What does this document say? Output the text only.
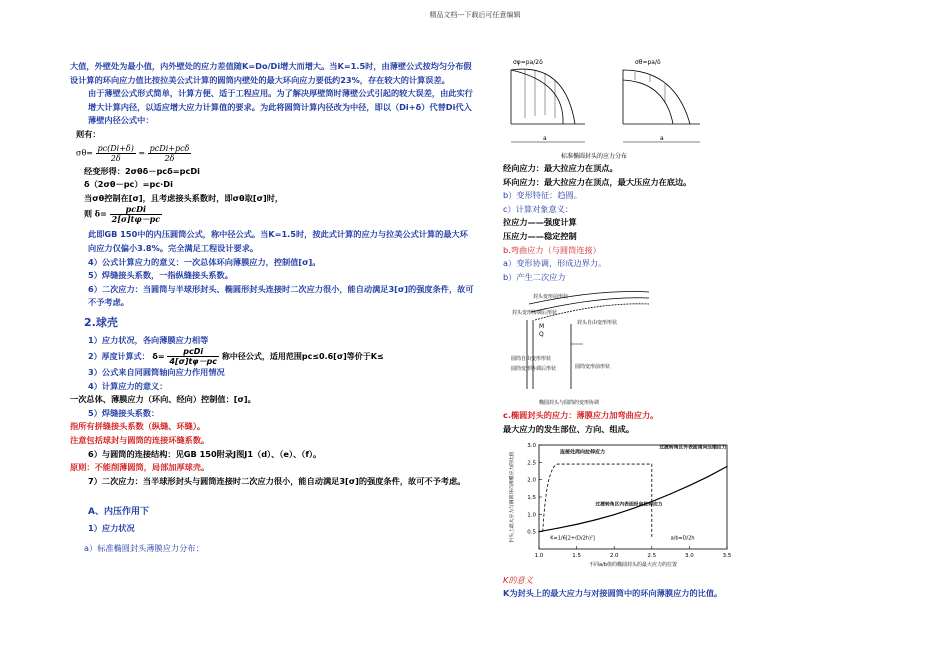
精品文档---下载后可任意编辑
大值，外壁处为最小值，内外壁处的应力差值随K=Do/Di增大而增大。当K=1.5时，由薄壁公式按均匀分布假设计算的环向应力值比按拉美公式计算的圆筒内壁处的最大环向应力要低约23%，存在较大的计算误差。
由于薄壁公式形式简单，计算方便、适于工程应用。为了解决厚壁筒时薄壁公式引起的较大误差，由此实行增大计算内径，以适应增大应力计算值的要求。为此将圆筒计算内径改为中径，即以（Di+δ）代替Di代入薄壁内径公式中：
则有：
$\sigma\theta= \frac{pc(Di+\delta)}{2\delta} = \frac{\text{pcDi+pcδ}}{2\delta}$
经变形得：2σθδ－pcδ=pcDi
δ（2σθ－pc）=pc·Di
当σθ控制在[σ]，且考虑接头系数时，即σθ取[σ]时，
则 $\delta= \frac{\text{pcDi}}{2[\sigma]t\varphi-pc}$
此即GB 150中的内压圆筒公式，称中径公式。当K=1.5时，按此式计算的应力与拉美公式计算的最大环向应力仅偏小3.8%。完全满足工程设计要求。
4）公式计算应力的意义：一次总体环向薄膜应力，控制值[σ]。
5）焊缝接头系数，一指纵缝接头系数。
6）二次应力：当圆筒与半球形封头、椭圆形封头连接时二次应力很小，能自动满足3[σ]的强度条件，故可不予考虑。
2.球壳
1）应力状况，各向薄膜应力相等
2）厚度计算式： $\delta= \frac{\text{pcDi}}{4[\sigma]t\varphi-pc}$ 称中径公式，适用范围pc≤0.6[σ]等价于K≤
3）公式来自同圆筒轴向应力作用情况
4）计算应力的意义：
一次总体、薄膜应力（环向、经向）控制值：[σ]。
5）焊缝接头系数：
指所有拼缝接头系数（纵缝、环缝）。
注意包括球封与圆筒的连接环缝系数。
6）与圆筒的连接结构：见GB 150附录J图J1（d）、（e）、（f）。
原则：不能削薄圆筒，局部加厚球壳。
7）二次应力：当半球形封头与圆筒连接时二次应力很小，能自动满足3[σ]的强度条件，故可不予考虑。
A、内压作用下
1）应力状况
a）标准椭圆封头薄膜应力分布：
σφ=pa/2δ	σθ=pa/δ
a	a
标准椭圆封头的应力分布
经向应力：最大拉应力在顶点。
环向应力：最大拉应力在顶点，最大压应力在底边。
b）变形特征：趋圆。
c）计算对象意义：
拉应力——强度计算
压应力——稳定控制
b.弯曲应力（与圆筒连接）
a）变形协调，形成边界力。
b）产生二次应力
封头变形前形状
封头变形协调后形状
封头自由变形形状
圆筒自由变形形状
圆筒变形协调后形状	圆筒变形前形状
M
Q
椭圆封头与圆筒的变形协调
c.椭圆封头的应力：薄膜应力加弯曲应力。
最大应力的发生部位、方向、组成。
1.0	1.5	2.0	2.5	3.0	3.5
0.5
1.0
1.5
2.0
2.5
3.0
连接处周向拉伸应力
过渡转角区内表面经向拉伸应力
过渡转角区外表面周向压缩应力
K=1/6[2+(D/2h)²]	a/b=D/2h
封头上最大应力与圆筒环向薄膜应力的比值
不同a/b值的椭圆封头的最大应力的位置
K的意义
K为封头上的最大应力与对接圆筒中的环向薄膜应力的比值。
